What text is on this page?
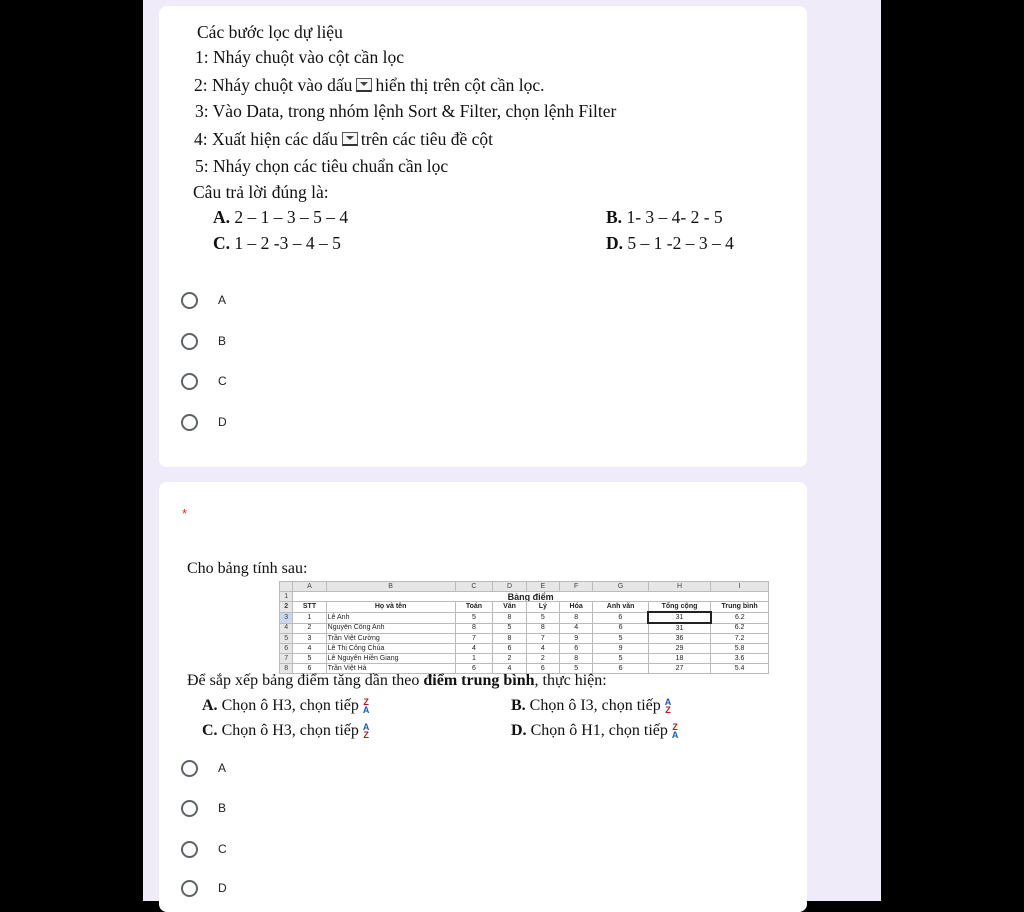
Các bước lọc dự liệu
1: Nháy chuột vào cột cần lọc
2: Nháy chuột vào dấu hiển thị trên cột cần lọc.
3: Vào Data, trong nhóm lệnh Sort & Filter, chọn lệnh Filter
4: Xuất hiện các dấu trên các tiêu đề cột
5: Nháy chọn các tiêu chuẩn cần lọc
Câu trả lời đúng là:
A. 2 – 1 – 3 – 5 – 4	B. 1- 3 – 4- 2 - 5
C. 1 – 2 -3 – 4 – 5	D. 5 – 1 -2 – 3 – 4
A
B
C
D
*
Cho bảng tính sau:
	A	B	C	D	E	F	G	H	I
1	Bảng điểm								
2	STT	Họ và tên	Toán	Văn	Lý	Hóa	Anh văn	Tổng cộng	Trung bình
3	1	Lê Anh	5	8	5	8	6	31	6.2
4	2	Nguyễn Công Anh	8	5	8	4	6	31	6.2
5	3	Trần Việt Cường	7	8	7	9	5	36	7.2
6	4	Lê Thị Công Chúa	4	6	4	6	9	29	5.8
7	5	Lê Nguyễn Hiền Giang	1	2	2	8	5	18	3.6
8	6	Trần Việt Hà	6	4	6	5	6	27	5.4
Để sắp xếp bảng điểm tăng dần theo điểm trung bình, thực hiện:
A. Chọn ô H3, chọn tiếp Z
A	B. Chọn ô I3, chọn tiếp A
Z
C. Chọn ô H3, chọn tiếp A
Z	D. Chọn ô H1, chọn tiếp Z
A
A
B
C
D
